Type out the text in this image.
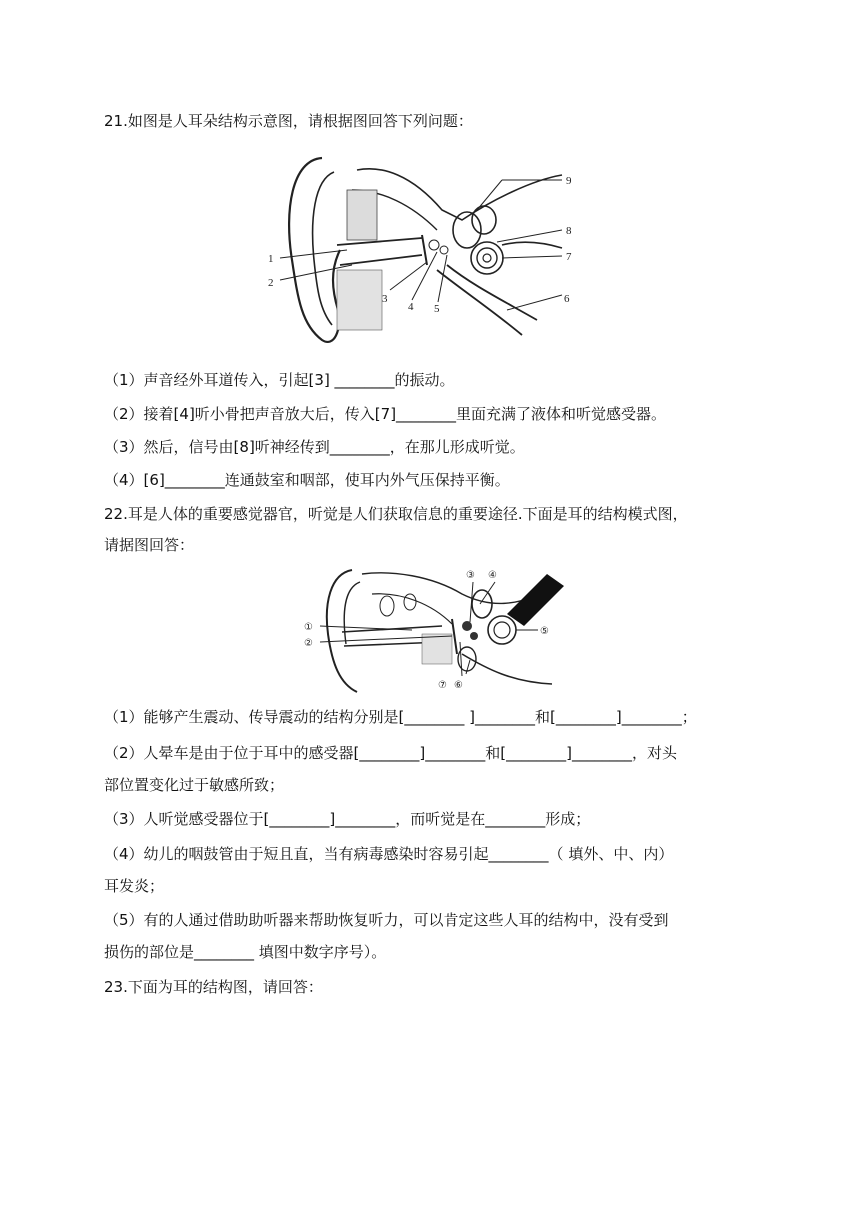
21.如图是人耳朵结构示意图，请根据图回答下列问题：
1
2
3
4 5
6
7
8
9
（1）声音经外耳道传入，引起[3] ________的振动。
（2）接着[4]听小骨把声音放大后，传入[7]________里面充满了液体和听觉感受器。
（3）然后，信号由[8]听神经传到________，在那儿形成听觉。
（4）[6]________连通鼓室和咽部，使耳内外气压保持平衡。
22.耳是人体的重要感觉器官，听觉是人们获取信息的重要途径.下面是耳的结构模式图，
请据图回答：
①
②
③ ④
⑤
⑥
⑦
（1）能够产生震动、传导震动的结构分别是[________ ]________和[________]________；
（2）人晕车是由于位于耳中的感受器[________]________和[________]________，对头
部位置变化过于敏感所致；
（3）人听觉感受器位于[________]________，而听觉是在________形成；
（4）幼儿的咽鼓管由于短且直，当有病毒感染时容易引起________（ 填外、中、内）
耳发炎；
（5）有的人通过借助助听器来帮助恢复听力，可以肯定这些人耳的结构中，没有受到
损伤的部位是________ 填图中数字序号）。
23.下面为耳的结构图，请回答：
